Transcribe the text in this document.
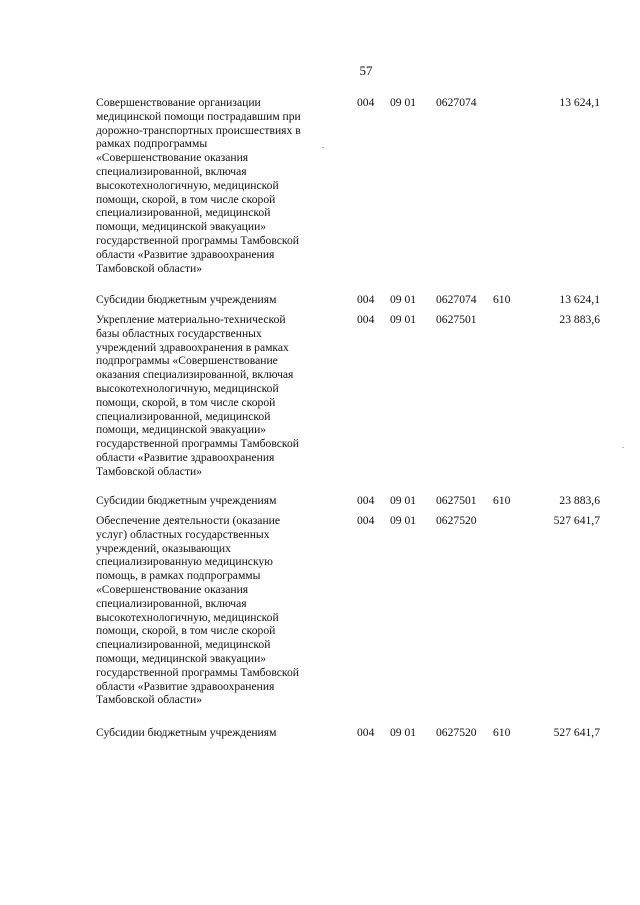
57
Совершенствование организации
медицинской помощи пострадавшим при
дорожно-транспортных происшествиях в
рамках подпрограммы
«Совершенствование оказания
специализированной, включая
высокотехнологичную, медицинской
помощи, скорой, в том числе скорой
специализированной, медицинской
помощи, медицинской эвакуации»
государственной программы Тамбовской
области «Развитие здравоохранения
Тамбовской области»
004 09 01 0627074	13 624,1
Субсидии бюджетным учреждениям	004 09 01 0627074 610	13 624,1
Укрепление материально-технической
базы областных государственных
учреждений здравоохранения в рамках
подпрограммы «Совершенствование
оказания специализированной, включая
высокотехнологичную, медицинской
помощи, скорой, в том числе скорой
специализированной, медицинской
помощи, медицинской эвакуации»
государственной программы Тамбовской
области «Развитие здравоохранения
Тамбовской области»
004 09 01 0627501	23 883,6
Субсидии бюджетным учреждениям	004 09 01 0627501 610	23 883,6
Обеспечение деятельности (оказание
услуг) областных государственных
учреждений, оказывающих
специализированную медицинскую
помощь, в рамках подпрограммы
«Совершенствование оказания
специализированной, включая
высокотехнологичную, медицинской
помощи, скорой, в том числе скорой
специализированной, медицинской
помощи, медицинской эвакуации»
государственной программы Тамбовской
области «Развитие здравоохранения
Тамбовской области»
004 09 01 0627520	527 641,7
Субсидии бюджетным учреждениям	004 09 01 0627520 610	527 641,7
